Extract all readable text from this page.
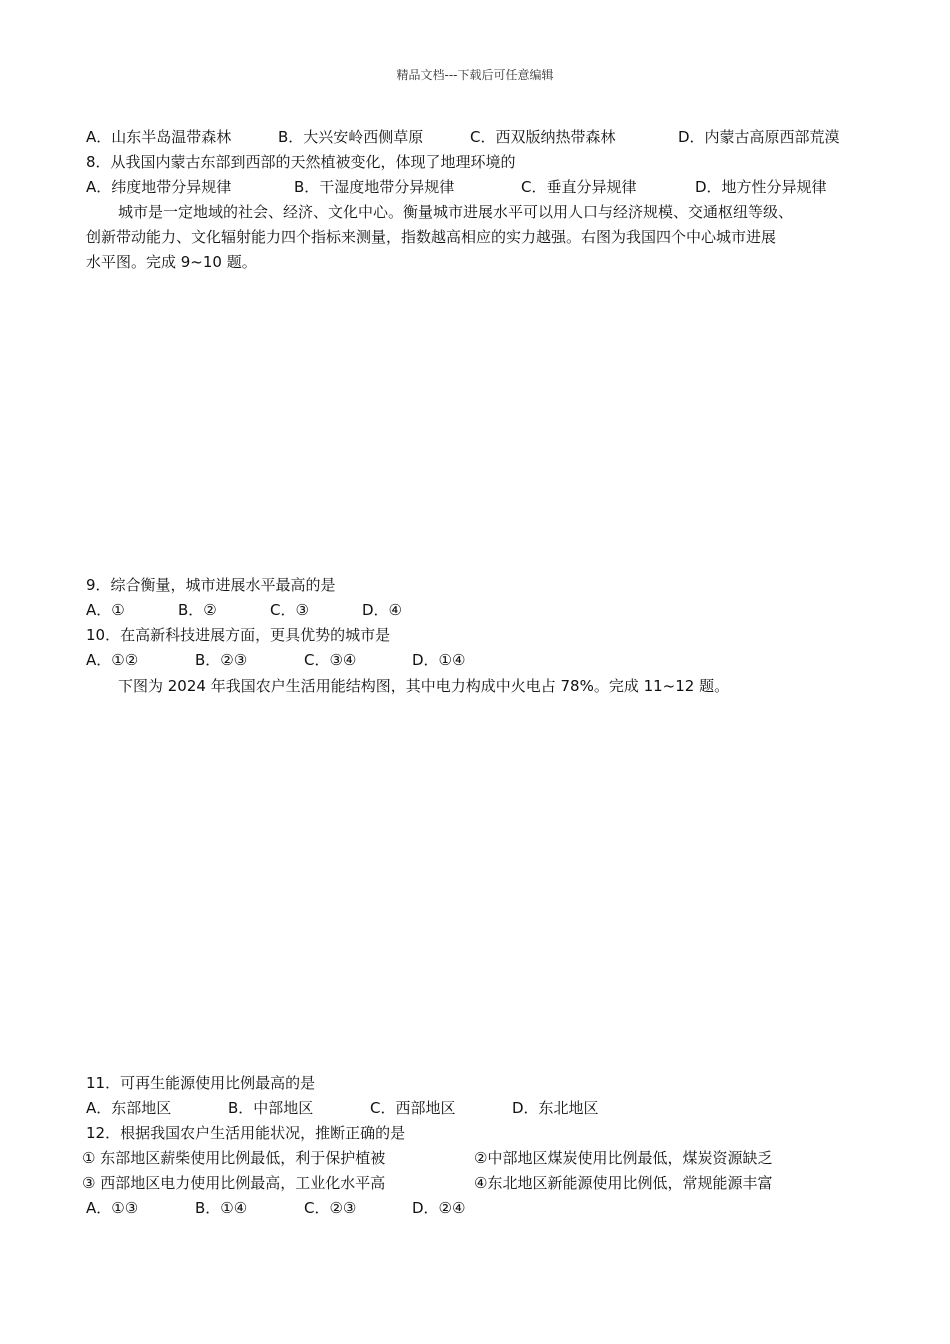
精品文档---下载后可任意编辑
A．山东半岛温带森林	B．大兴安岭西侧草原	C．西双版纳热带森林	D．内蒙古高原西部荒漠
8．从我国内蒙古东部到西部的天然植被变化，体现了地理环境的
A．纬度地带分异规律	B．干湿度地带分异规律	C．垂直分异规律	D．地方性分异规律
城市是一定地域的社会、经济、文化中心。衡量城市进展水平可以用人口与经济规模、交通枢纽等级、
创新带动能力、文化辐射能力四个指标来测量，指数越高相应的实力越强。右图为我国四个中心城市进展
水平图。完成 9~10 题。
9．综合衡量，城市进展水平最高的是
A．①	B．②	C．③	D．④
10．在高新科技进展方面，更具优势的城市是
A．①②	B．②③	C．③④	D．①④
下图为 2024 年我国农户生活用能结构图，其中电力构成中火电占 78%。完成 11~12 题。
11．可再生能源使用比例最高的是
A．东部地区	B．中部地区	C．西部地区	D．东北地区
12．根据我国农户生活用能状况，推断正确的是
① 东部地区薪柴使用比例最低，利于保护植被	②中部地区煤炭使用比例最低，煤炭资源缺乏
③ 西部地区电力使用比例最高，工业化水平高	④东北地区新能源使用比例低，常规能源丰富
A．①③	B．①④	C．②③	D．②④
